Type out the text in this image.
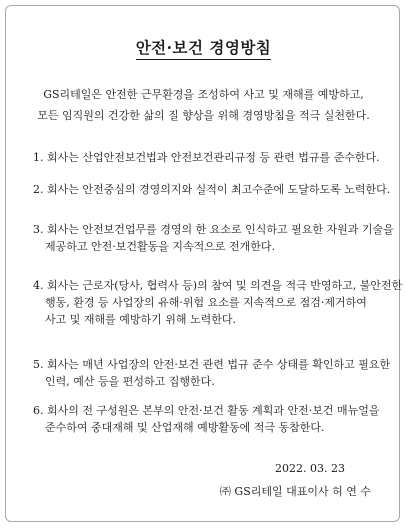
안전·보건 경영방침
GS리테일은 안전한 근무환경을 조성하여 사고 및 재해를 예방하고,
모든 임직원의 건강한 삶의 질 향상을 위해 경영방침을 적극 실천한다.
1. 회사는 산업안전보건법과 안전보건관리규정 등 관련 법규를 준수한다.
2. 회사는 안전중심의 경영의지와 실적이 최고수준에 도달하도록 노력한다.
3. 회사는 안전보건업무를 경영의 한 요소로 인식하고 필요한 자원과 기술을
제공하고 안전·보건활동을 지속적으로 전개한다.
4. 회사는 근로자(당사, 협력사 등)의 참여 및 의견을 적극 반영하고, 불안전한
행동, 환경 등 사업장의 유해·위험 요소를 지속적으로 점검·제거하여
사고 및 재해를 예방하기 위해 노력한다.
5. 회사는 매년 사업장의 안전·보건 관련 법규 준수 상태를 확인하고 필요한
인력, 예산 등을 편성하고 집행한다.
6. 회사의 전 구성원은 본부의 안전·보건 활동 계획과 안전·보건 매뉴얼을
준수하여 중대재해 및 산업재해 예방활동에 적극 동참한다.
2022. 03. 23
㈜ GS리테일 대표이사 허 연 수
